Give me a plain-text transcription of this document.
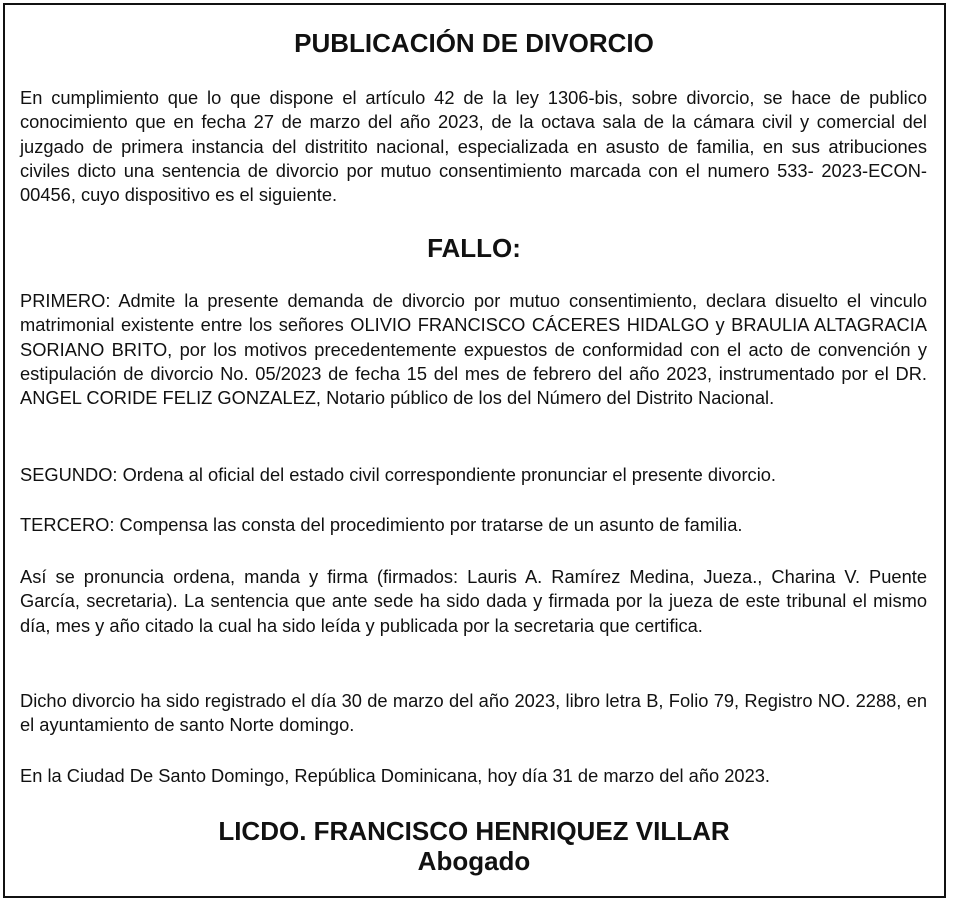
PUBLICACIÓN DE DIVORCIO

En cumplimiento que lo que dispone el artículo 42 de la ley 1306-bis, sobre divorcio, se hace de publico conocimiento que en fecha 27 de marzo del año 2023, de la octava sala de la cámara civil y comercial del juzgado de primera instancia del distritito nacional, especializada en asusto de familia, en sus atribuciones civiles dicto una sentencia de divorcio por mutuo consentimiento marcada con el numero 533- 2023-ECON-00456, cuyo dispositivo es el siguiente.

FALLO:

PRIMERO: Admite la presente demanda de divorcio por mutuo consentimiento, declara disuelto el vinculo matrimonial existente entre los señores OLIVIO FRANCISCO CÁCERES HIDALGO y BRAULIA ALTAGRACIA SORIANO BRITO, por los motivos precedentemente expuestos de conformidad con el acto de convención y estipulación de divorcio No. 05/2023 de fecha 15 del mes de febrero del año 2023, instrumentado por el DR. ANGEL CORIDE FELIZ GONZALEZ, Notario público de los del Número del Distrito Nacional.

SEGUNDO: Ordena al oficial del estado civil correspondiente pronunciar el presente divorcio.

TERCERO: Compensa las consta del procedimiento por tratarse de un asunto de familia.

Así se pronuncia ordena, manda y firma (firmados: Lauris A. Ramírez Medina, Jueza., Charina V. Puente García, secretaria). La sentencia que ante sede ha sido dada y firmada por la jueza de este tribunal el mismo día, mes y año citado la cual ha sido leída y publicada por la secretaria que certifica.

Dicho divorcio ha sido registrado el día 30 de marzo del año 2023, libro letra B, Folio 79, Registro NO. 2288, en el ayuntamiento de santo Norte domingo.

En la Ciudad De Santo Domingo, República Dominicana, hoy día 31 de marzo del año 2023.

LICDO. FRANCISCO HENRIQUEZ VILLAR
Abogado
